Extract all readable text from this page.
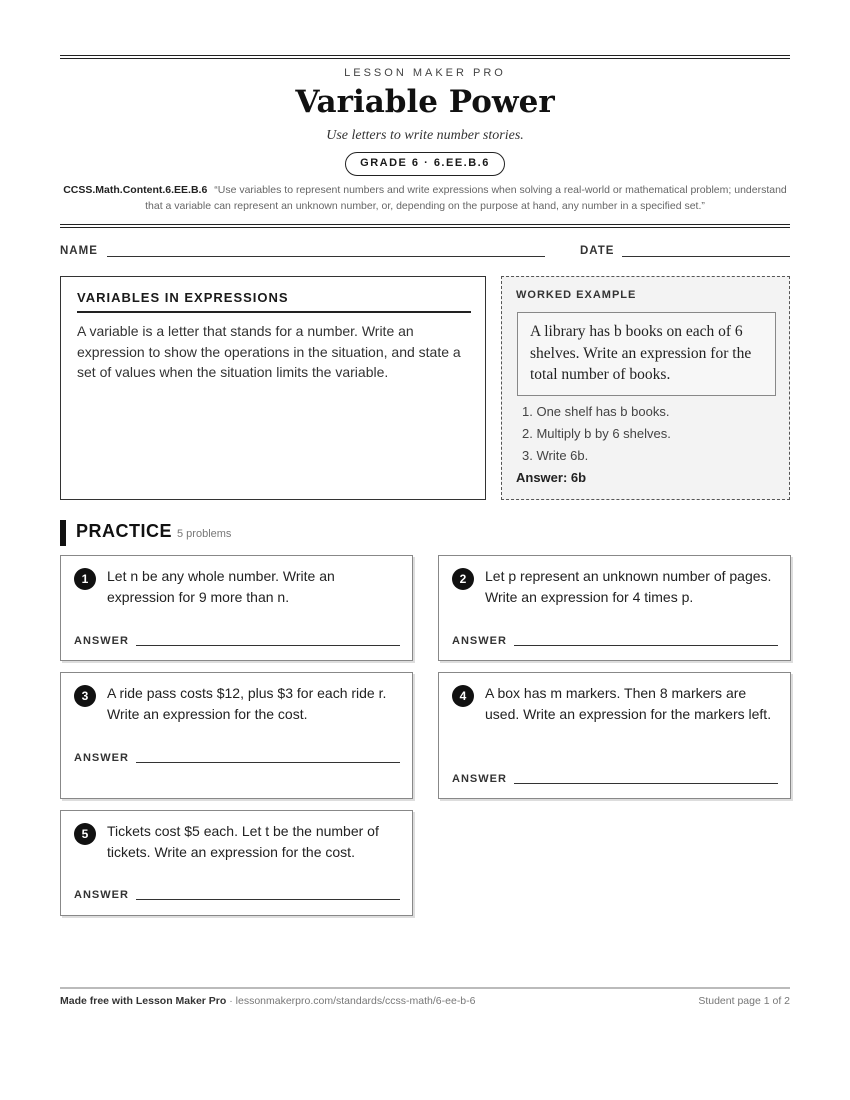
LESSON MAKER PRO
Variable Power
Use letters to write number stories.
GRADE 6 · 6.EE.B.6
CCSS.Math.Content.6.EE.B.6 “Use variables to represent numbers and write expressions when solving a real-world or mathematical problem; understand that a variable can represent an unknown number, or, depending on the purpose at hand, any number in a specified set.”
NAME	DATE
VARIABLES IN EXPRESSIONS
A variable is a letter that stands for a number. Write an expression to show the operations in the situation, and state a set of values when the situation limits the variable.
WORKED EXAMPLE
A library has b books on each of 6 shelves. Write an expression for the total number of books.
1. One shelf has b books.
2. Multiply b by 6 shelves.
3. Write 6b.
Answer: 6b
PRACTICE 5 problems
1	Let n be any whole number. Write an expression for 9 more than n.
ANSWER
2	Let p represent an unknown number of pages. Write an expression for 4 times p.
ANSWER
3	A ride pass costs $12, plus $3 for each ride r. Write an expression for the cost.
ANSWER
4	A box has m markers. Then 8 markers are used. Write an expression for the markers left.
ANSWER
5	Tickets cost $5 each. Let t be the number of tickets. Write an expression for the cost.
ANSWER
Made free with Lesson Maker Pro · lessonmakerpro.com/standards/ccss-math/6-ee-b-6	Student page 1 of 2
